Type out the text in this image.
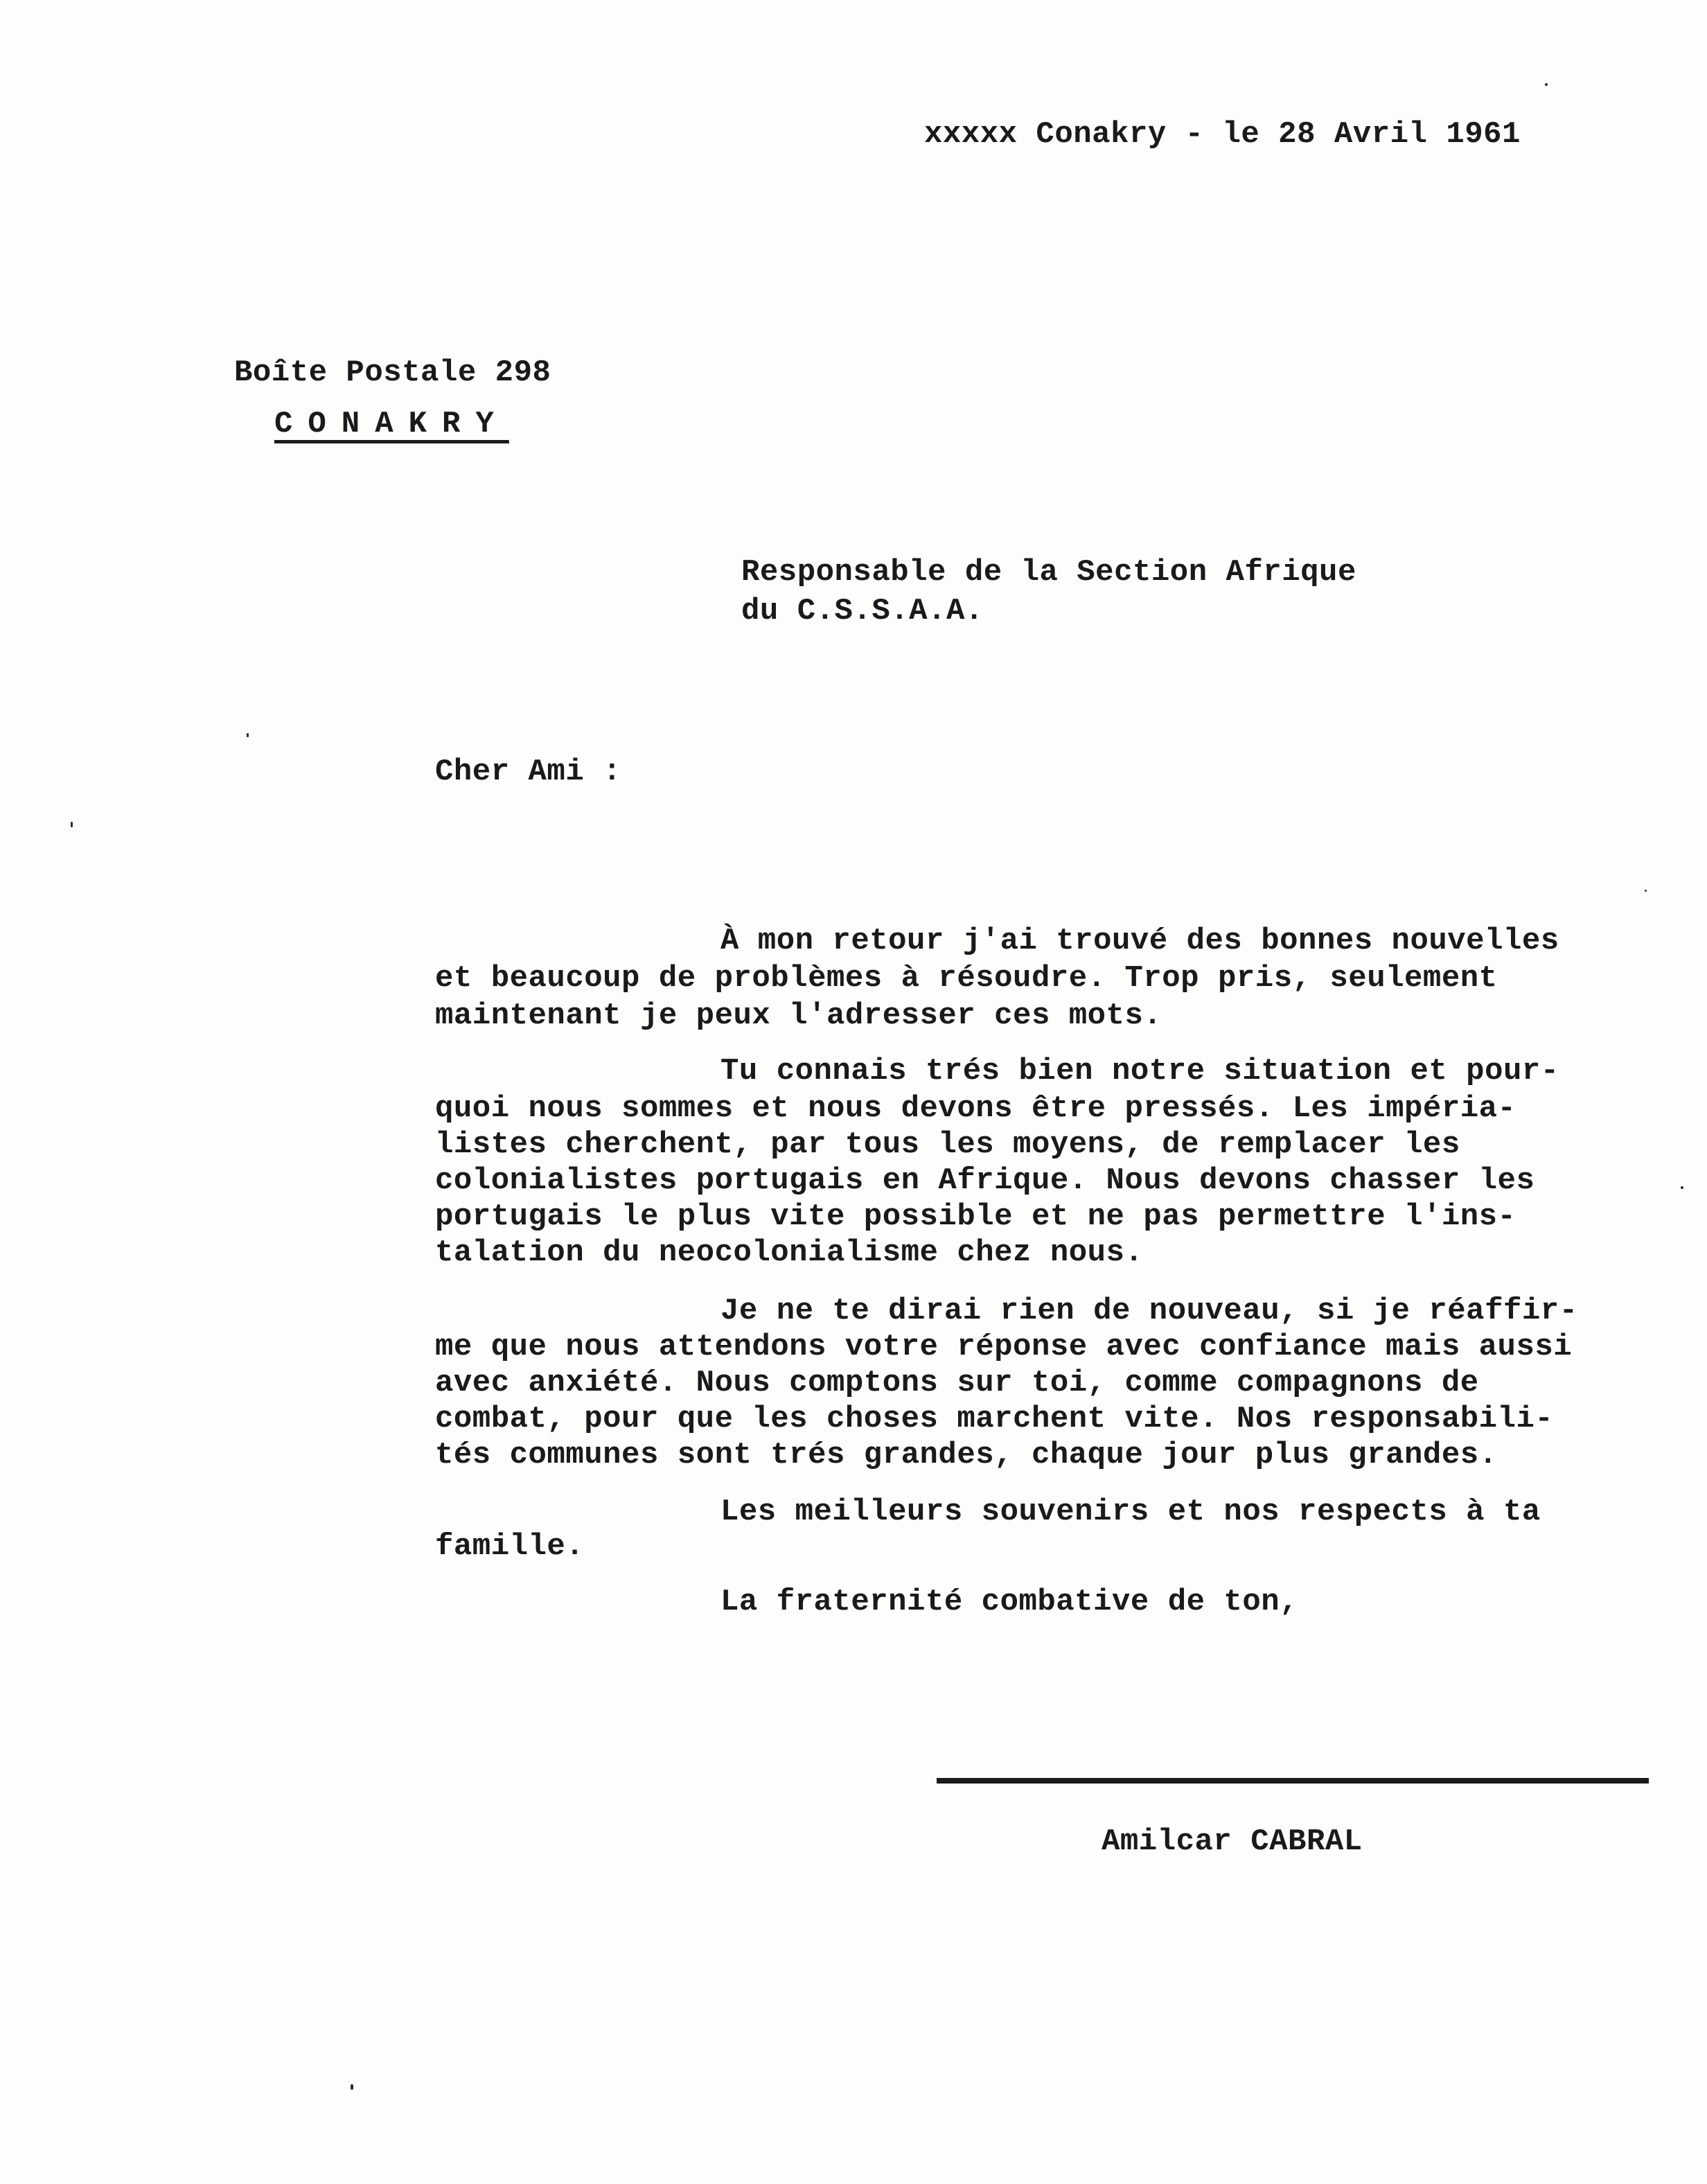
xxxxx Conakry - le 28 Avril 1961
Boîte Postale 298
CONAKRY
Responsable de la Section Afrique
du C.S.S.A.A.
Cher Ami :
À mon retour j'ai trouvé des bonnes nouvelles
et beaucoup de problèmes à résoudre. Trop pris, seulement
maintenant je peux l'adresser ces mots.
Tu connais trés bien notre situation et pour-
quoi nous sommes et nous devons être pressés. Les impéria-
listes cherchent, par tous les moyens, de remplacer les
colonialistes portugais en Afrique. Nous devons chasser les
portugais le plus vite possible et ne pas permettre l'ins-
talation du neocolonialisme chez nous.
Je ne te dirai rien de nouveau, si je réaffir-
me que nous attendons votre réponse avec confiance mais aussi
avec anxiété. Nous comptons sur toi, comme compagnons de
combat, pour que les choses marchent vite. Nos responsabili-
tés communes sont trés grandes, chaque jour plus grandes.
Les meilleurs souvenirs et nos respects à ta
famille.
La fraternité combative de ton,
Amilcar CABRAL
